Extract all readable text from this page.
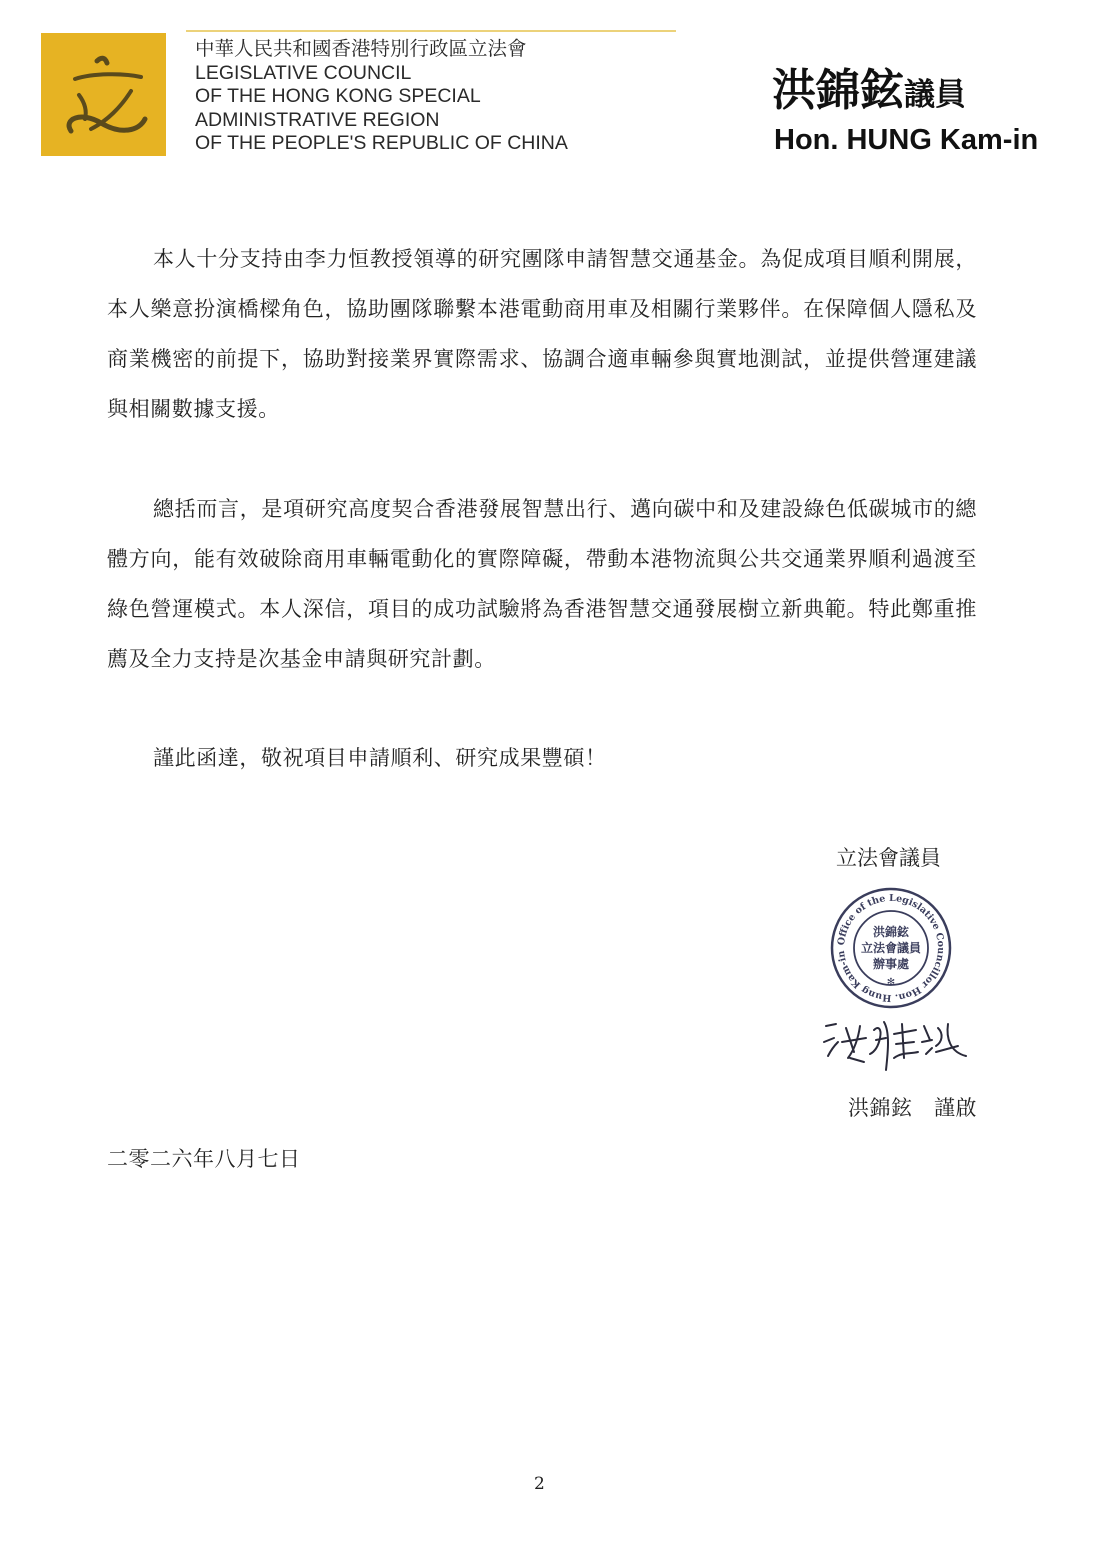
中華人民共和國香港特別行政區立法會
LEGISLATIVE COUNCIL
OF THE HONG KONG SPECIAL
ADMINISTRATIVE REGION
OF THE PEOPLE'S REPUBLIC OF CHINA
洪錦鉉議員
Hon. HUNG Kam-in
本人十分支持由李力恒教授領導的研究團隊申請智慧交通基金。為促成項目順利開展，本人樂意扮演橋樑角色，協助團隊聯繫本港電動商用車及相關行業夥伴。在保障個人隱私及商業機密的前提下，協助對接業界實際需求、協調合適車輛參與實地測試，並提供營運建議與相關數據支援。
總括而言，是項研究高度契合香港發展智慧出行、邁向碳中和及建設綠色低碳城市的總體方向，能有效破除商用車輛電動化的實際障礙，帶動本港物流與公共交通業界順利過渡至綠色營運模式。本人深信，項目的成功試驗將為香港智慧交通發展樹立新典範。特此鄭重推薦及全力支持是次基金申請與研究計劃。
謹此函達，敬祝項目申請順利、研究成果豐碩！
立法會議員
Office of the Legislative Councillor Hon. Hung Kam-in
✻
洪錦鉉
立法會議員
辦事處
洪錦鉉　謹啟
二零二六年八月七日
2
